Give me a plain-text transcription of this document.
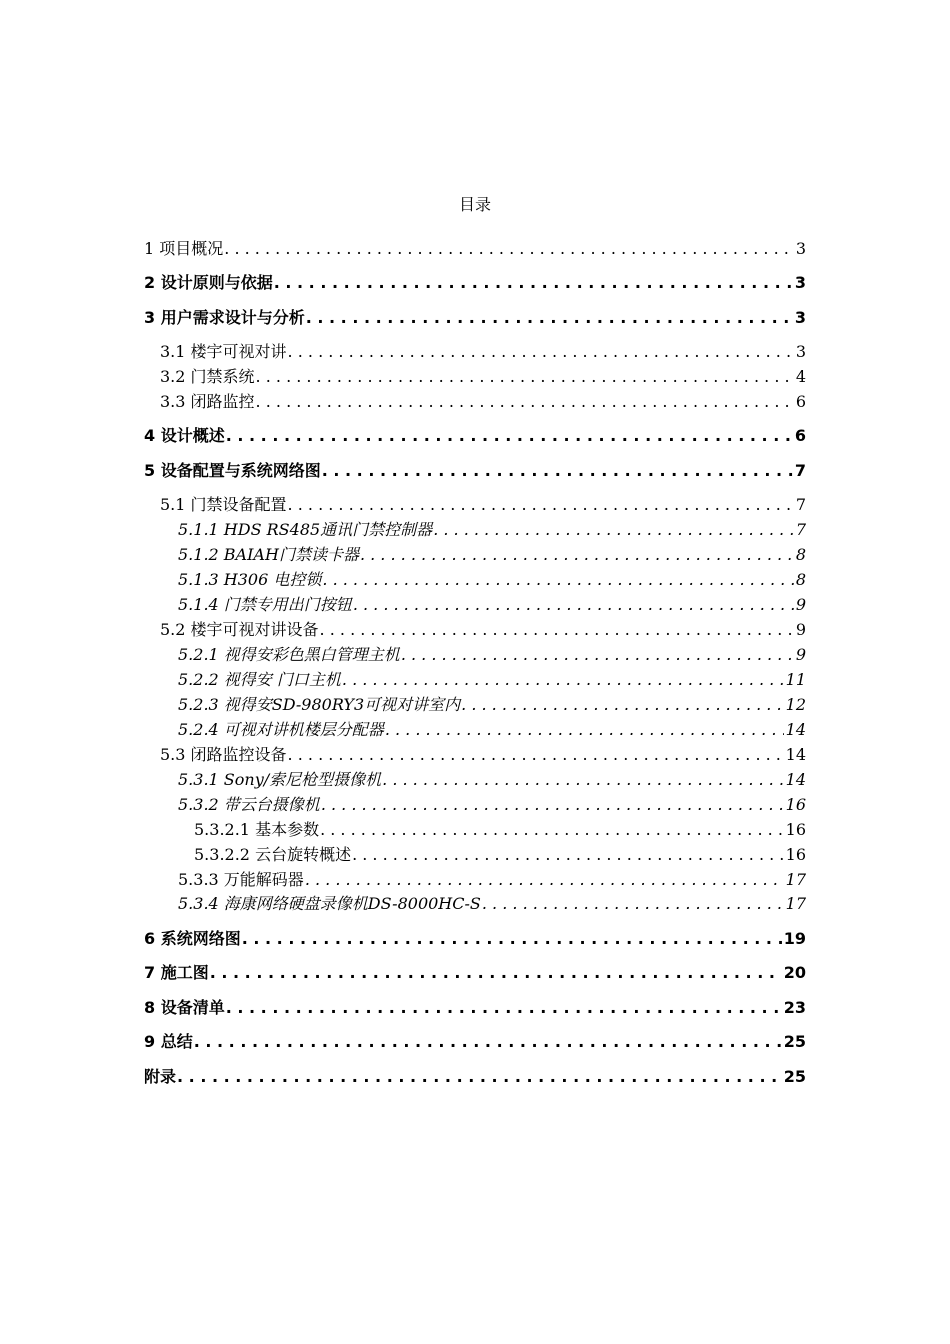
目录
1 项目概况 . . .	3
2 设计原则与依据 . . .	3
3 用户需求设计与分析 . . .	3
3.1 楼宇可视对讲 . . .	3
3.2 门禁系统 . . .	4
3.3 闭路监控 . . .	6
4 设计概述 . . .	6
5 设备配置与系统网络图 . . .	7
5.1 门禁设备配置 . . .	7
5.1.1 HDS RS485通讯门禁控制器 . . .	7
5.1.2 BAIAH门禁读卡器 . . .	8
5.1.3 H306 电控锁 . . .	8
5.1.4 门禁专用出门按钮 . . .	9
5.2 楼宇可视对讲设备 . . .	9
5.2.1 视得安彩色黑白管理主机 . . .	9
5.2.2 视得安 门口主机 . . .	11
5.2.3 视得安SD-980RY3可视对讲室内 . . .	12
5.2.4 可视对讲机楼层分配器 . . .	14
5.3 闭路监控设备 . . .	14
5.3.1 Sony/索尼枪型摄像机 . . .	14
5.3.2 带云台摄像机 . . .	16
5.3.2.1 基本参数 . . .	16
5.3.2.2 云台旋转概述 . . .	16
5.3.3 万能解码器 . . .	17
5.3.4 海康网络硬盘录像机DS-8000HC-S . . .	17
6 系统网络图 . . .	19
7 施工图 . . .	20
8 设备清单 . . .	23
9 总结 . . .	25
附录 . . .	25
